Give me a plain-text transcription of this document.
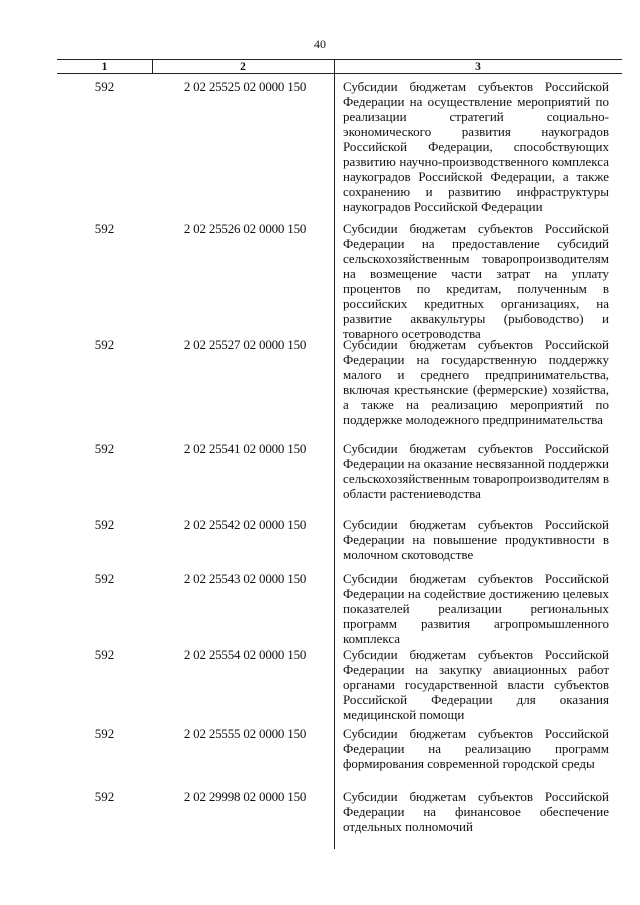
40
1	2	3
592	2 02 25525 02 0000 150	Субсидии бюджетам субъектов Российской Федерации на осуществление мероприятий по реализации стратегий социально-экономического развития наукоградов Российской Федерации, способствующих развитию научно-производственного комплекса наукоградов Российской Федерации, а также сохранению и развитию инфраструктуры наукоградов Российской Федерации
592	2 02 25526 02 0000 150	Субсидии бюджетам субъектов Российской Федерации на предоставление субсидий сельскохозяйственным товаропроизводителям на возмещение части затрат на уплату процентов по кредитам, полученным в российских кредитных организациях, на развитие аквакультуры (рыбоводство) и товарного осетроводства
592	2 02 25527 02 0000 150	Субсидии бюджетам субъектов Российской Федерации на государственную поддержку малого и среднего предпринимательства, включая крестьянские (фермерские) хозяйства, а также на реализацию мероприятий по поддержке молодежного предпринимательства
592	2 02 25541 02 0000 150	Субсидии бюджетам субъектов Российской Федерации на оказание несвязанной поддержки сельскохозяйственным товаропроизводителям в области растениеводства
592	2 02 25542 02 0000 150	Субсидии бюджетам субъектов Российской Федерации на повышение продуктивности в молочном скотоводстве
592	2 02 25543 02 0000 150	Субсидии бюджетам субъектов Российской Федерации на содействие достижению целевых показателей реализации региональных программ развития агропромышленного комплекса
592	2 02 25554 02 0000 150	Субсидии бюджетам субъектов Российской Федерации на закупку авиационных работ органами государственной власти субъектов Российской Федерации для оказания медицинской помощи
592	2 02 25555 02 0000 150	Субсидии бюджетам субъектов Российской Федерации на реализацию программ формирования современной городской среды
592	2 02 29998 02 0000 150	Субсидии бюджетам субъектов Российской Федерации на финансовое обеспечение отдельных полномочий
